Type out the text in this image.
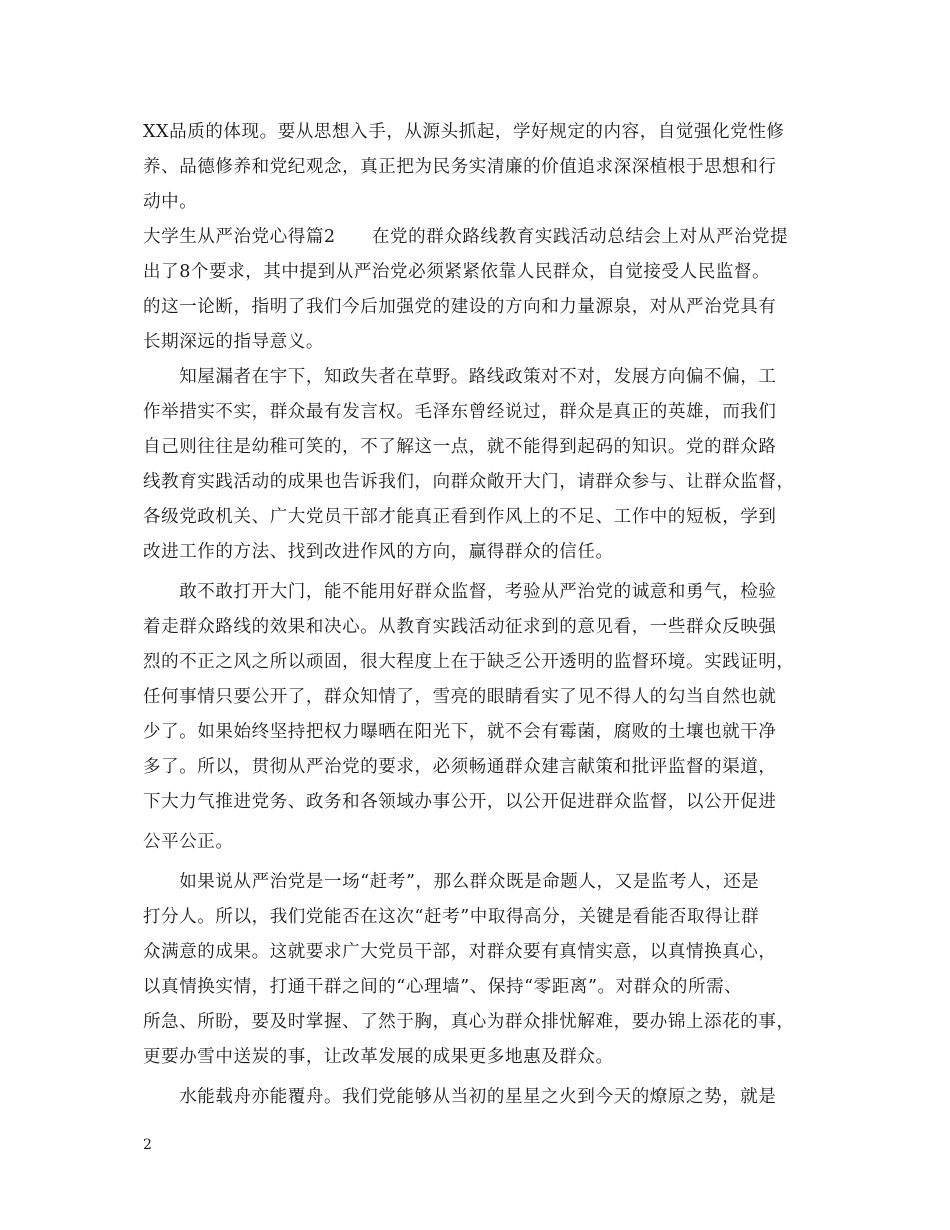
XX品质的体现。要从思想入手，从源头抓起，学好规定的内容，自觉强化党性修
养、品德修养和党纪观念，真正把为民务实清廉的价值追求深深植根于思想和行
动中。
大学生从严治党心得篇2　　在党的群众路线教育实践活动总结会上对从严治党提
出了8个要求，其中提到从严治党必须紧紧依靠人民群众，自觉接受人民监督。
的这一论断，指明了我们今后加强党的建设的方向和力量源泉，对从严治党具有
长期深远的指导意义。
　　知屋漏者在宇下，知政失者在草野。路线政策对不对，发展方向偏不偏，工
作举措实不实，群众最有发言权。毛泽东曾经说过，群众是真正的英雄，而我们
自己则往往是幼稚可笑的，不了解这一点，就不能得到起码的知识。党的群众路
线教育实践活动的成果也告诉我们，向群众敞开大门，请群众参与、让群众监督，
各级党政机关、广大党员干部才能真正看到作风上的不足、工作中的短板，学到
改进工作的方法、找到改进作风的方向，赢得群众的信任。
　　敢不敢打开大门，能不能用好群众监督，考验从严治党的诚意和勇气，检验
着走群众路线的效果和决心。从教育实践活动征求到的意见看，一些群众反映强
烈的不正之风之所以顽固，很大程度上在于缺乏公开透明的监督环境。实践证明，
任何事情只要公开了，群众知情了，雪亮的眼睛看实了见不得人的勾当自然也就
少了。如果始终坚持把权力曝晒在阳光下，就不会有霉菌，腐败的土壤也就干净
多了。所以，贯彻从严治党的要求，必须畅通群众建言献策和批评监督的渠道，
下大力气推进党务、政务和各领域办事公开，以公开促进群众监督，以公开促进
公平公正。
　　如果说从严治党是一场“赶考”，那么群众既是命题人，又是监考人，还是
打分人。所以，我们党能否在这次“赶考”中取得高分，关键是看能否取得让群
众满意的成果。这就要求广大党员干部，对群众要有真情实意，以真情换真心，
以真情换实情，打通干群之间的“心理墙”、保持“零距离”。对群众的所需、
所急、所盼，要及时掌握、了然于胸，真心为群众排忧解难，要办锦上添花的事，
更要办雪中送炭的事，让改革发展的成果更多地惠及群众。
　　水能载舟亦能覆舟。我们党能够从当初的星星之火到今天的燎原之势，就是
2
